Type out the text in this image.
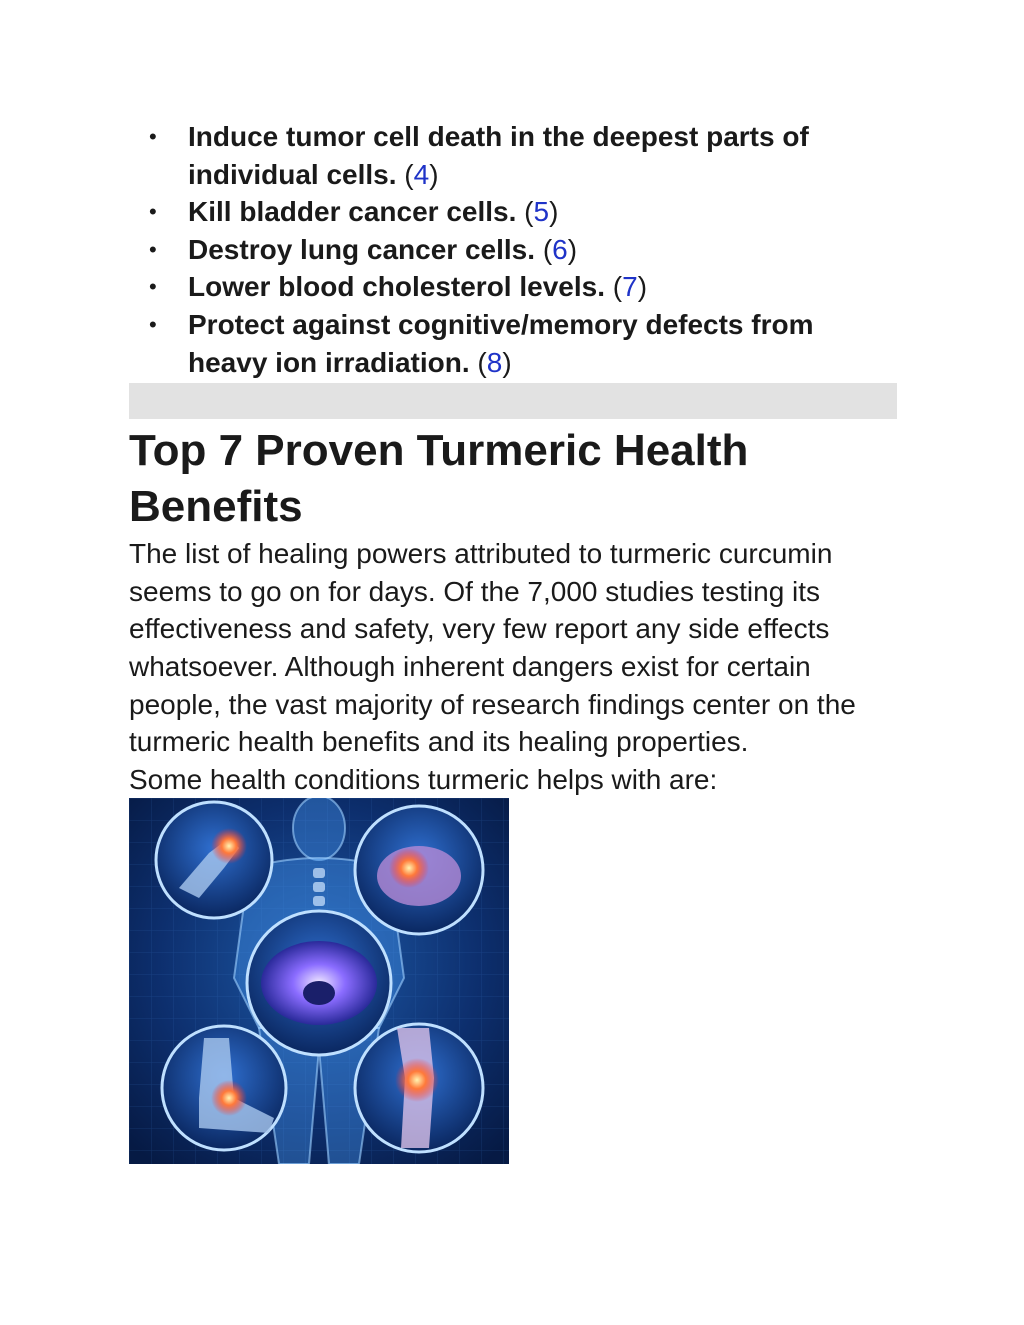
• Induce tumor cell death in the deepest parts of individual cells. (4)
• Kill bladder cancer cells. (5)
• Destroy lung cancer cells. (6)
• Lower blood cholesterol levels. (7)
• Protect against cognitive/memory defects from heavy ion irradiation. (8)
Top 7 Proven Turmeric Health Benefits

The list of healing powers attributed to turmeric curcumin seems to go on for days. Of the 7,000 studies testing its effectiveness and safety, very few report any side effects whatsoever. Although inherent dangers exist for certain people, the vast majority of research findings center on the turmeric health benefits and its healing properties.

Some health conditions turmeric helps with are:
